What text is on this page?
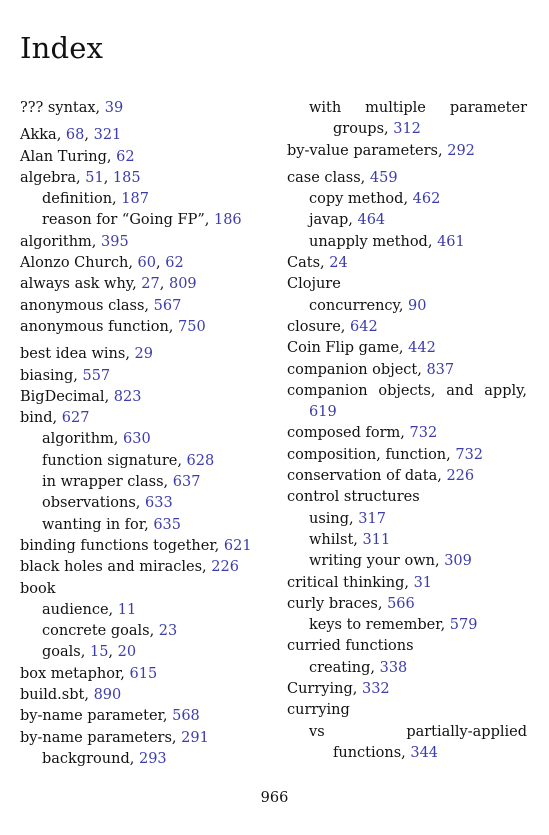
Index

??? syntax, 39

Akka, 68, 321

Alan Turing, 62

algebra, 51, 185

definition, 187

reason for “Going FP”, 186

algorithm, 395

Alonzo Church, 60, 62

always ask why, 27, 809

anonymous class, 567

anonymous function, 750

best idea wins, 29

biasing, 557

BigDecimal, 823

bind, 627

algorithm, 630

function signature, 628

in wrapper class, 637

observations, 633

wanting in for, 635

binding functions together, 621

black holes and miracles, 226

book

audience, 11

concrete goals, 23

goals, 15, 20

box metaphor, 615

build.sbt, 890

by-name parameter, 568

by-name parameters, 291

background, 293

with multiple parameter groups, 312

by-value parameters, 292

case class, 459

copy method, 462

javap, 464

unapply method, 461

Cats, 24

Clojure

concurrency, 90

closure, 642

Coin Flip game, 442

companion object, 837

companion objects, and apply, 619

composed form, 732

composition, function, 732

conservation of data, 226

control structures

using, 317

whilst, 311

writing your own, 309

critical thinking, 31

curly braces, 566

keys to remember, 579

curried functions

creating, 338

Currying, 332

currying

vs partially-applied functions, 344

966
